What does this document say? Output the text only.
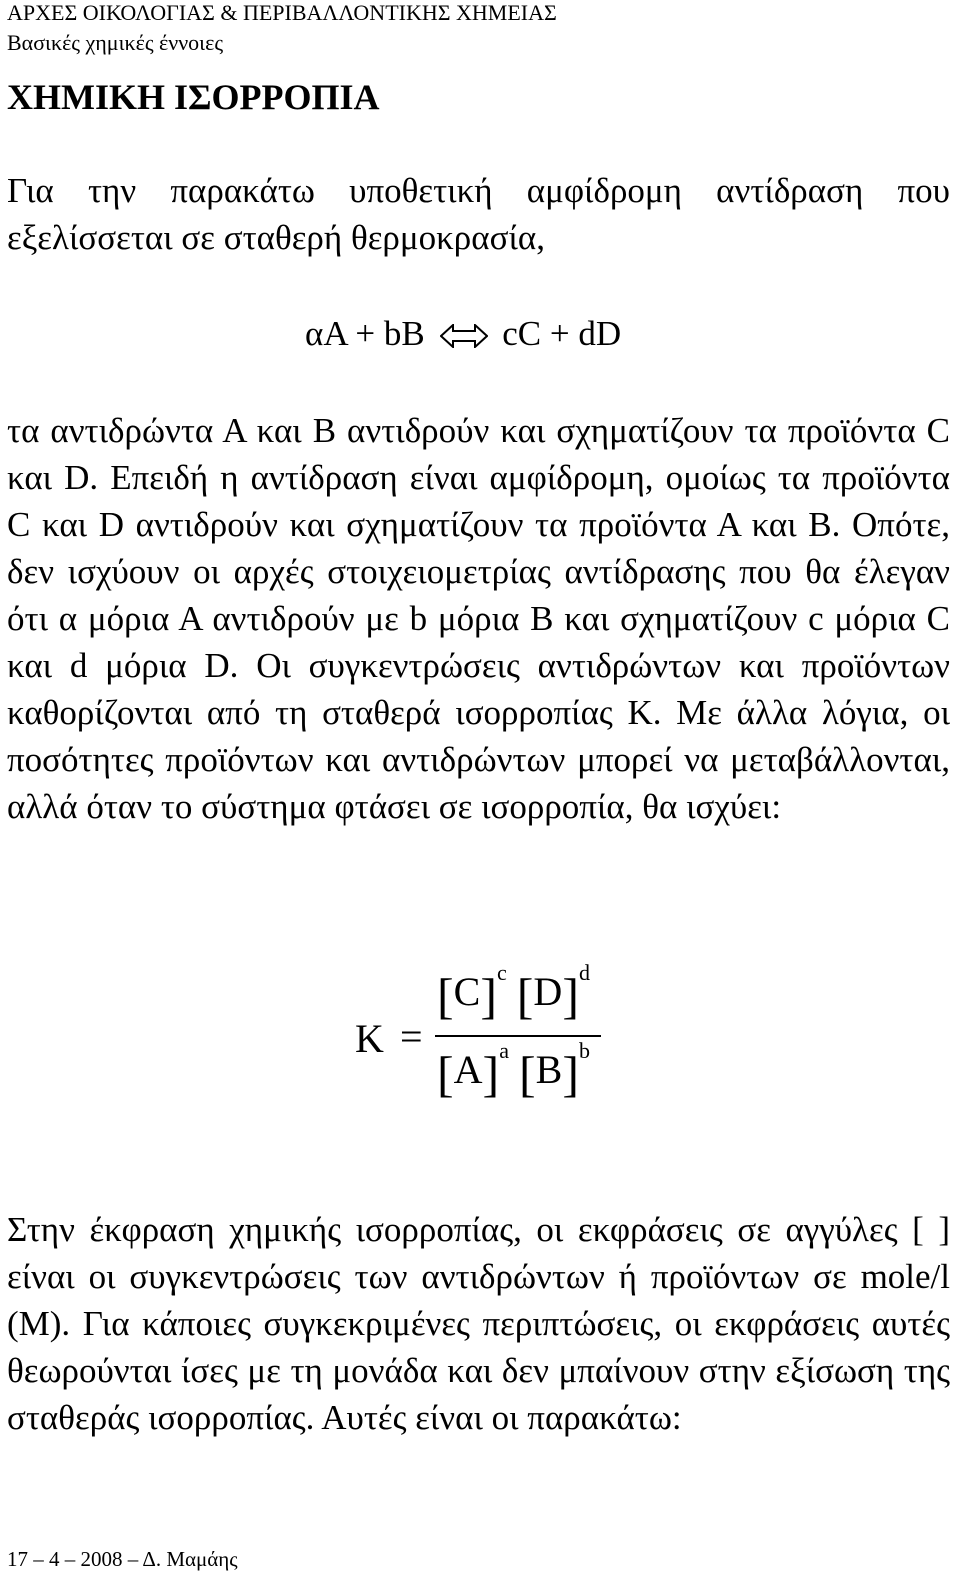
ΑΡΧΕΣ ΟΙΚΟΛΟΓΙΑΣ & ΠΕΡΙΒΑΛΛΟΝΤΙΚΗΣ ΧΗΜΕΙΑΣ
Βασικές χημικές έννοιες
ΧΗΜΙΚΗ ΙΣΟΡΡΟΠΙΑ
Για την παρακάτω υποθετική αμφίδρομη αντίδραση που εξελίσσεται σε σταθερή θερμοκρασία,
αA + bB cC + dD
τα αντιδρώντα Α και Β αντιδρούν και σχηματίζουν τα προϊόντα C και D. Επειδή η αντίδραση είναι αμφίδρομη, ομοίως τα προϊόντα C και D αντιδρούν και σχηματίζουν τα προϊόντα Α και Β. Οπότε, δεν ισχύουν οι αρχές στοιχειομετρίας αντίδρασης που θα έλεγαν ότι α μόρια Α αντιδρούν με b μόρια Β και σχηματίζουν c μόρια C και d μόρια D. Οι συγκεντρώσεις αντιδρώντων και προϊόντων καθορίζονται από τη σταθερά ισορροπίας Κ. Με άλλα λόγια, οι ποσότητες προϊόντων και αντιδρώντων μπορεί να μεταβάλλονται, αλλά όταν το σύστημα φτάσει σε ισορροπία, θα ισχύει:
K =
$[C]^c$ $[D]^d$
$[A]^a$ $[B]^b$
Στην έκφραση χημικής ισορροπίας, οι εκφράσεις σε αγγύλες [ ] είναι οι συγκεντρώσεις των αντιδρώντων ή προϊόντων σε mole/l (M). Για κάποιες συγκεκριμένες περιπτώσεις, οι εκφράσεις αυτές θεωρούνται ίσες με τη μονάδα και δεν μπαίνουν στην εξίσωση της σταθεράς ισορροπίας. Αυτές είναι οι παρακάτω:
17 – 4 – 2008 – Δ. Μαμάης
